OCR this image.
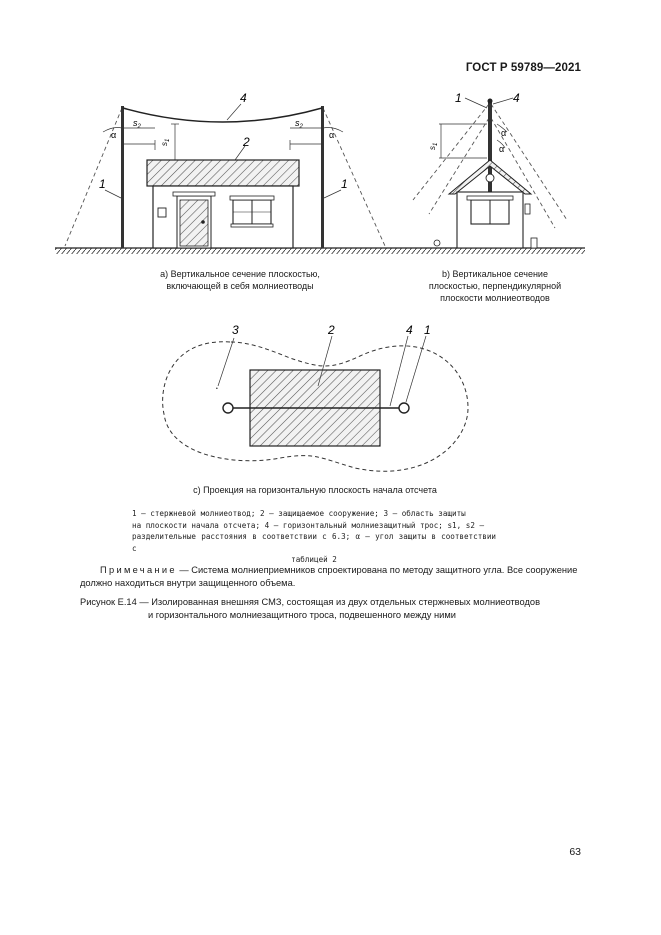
ГОСТ Р 59789—2021
4
2
1	1
α	α
$s_2$	$s_2$
$s_1$
а) Вертикальное сечение плоскостью,
включающей в себя молниеотводы
1	4
α
α
$s_1$
b) Вертикальное сечение
плоскостью, перпендикулярной
плоскости молниеотводов
3	2	4 1
•
с) Проекция на горизонтальную плоскость начала отсчета
1 — стержневой молниеотвод; 2 — защищаемое сооружение; 3 — область защиты
на плоскости начала отсчета; 4 — горизонтальный молниезащитный трос; s1, s2 —
разделительные расстояния в соответствии с 6.3; α — угол защиты в соответствии с

таблицей 2
Примечание — Система молниеприемников спроектирована по методу защитного угла. Все сооружение должно находиться внутри защищенного объема.
Рисунок Е.14 — Изолированная внешняя СМЗ, состоящая из двух отдельных стержневых молниеотводов
и горизонтального молниезащитного троса, подвешенного между ними
63
